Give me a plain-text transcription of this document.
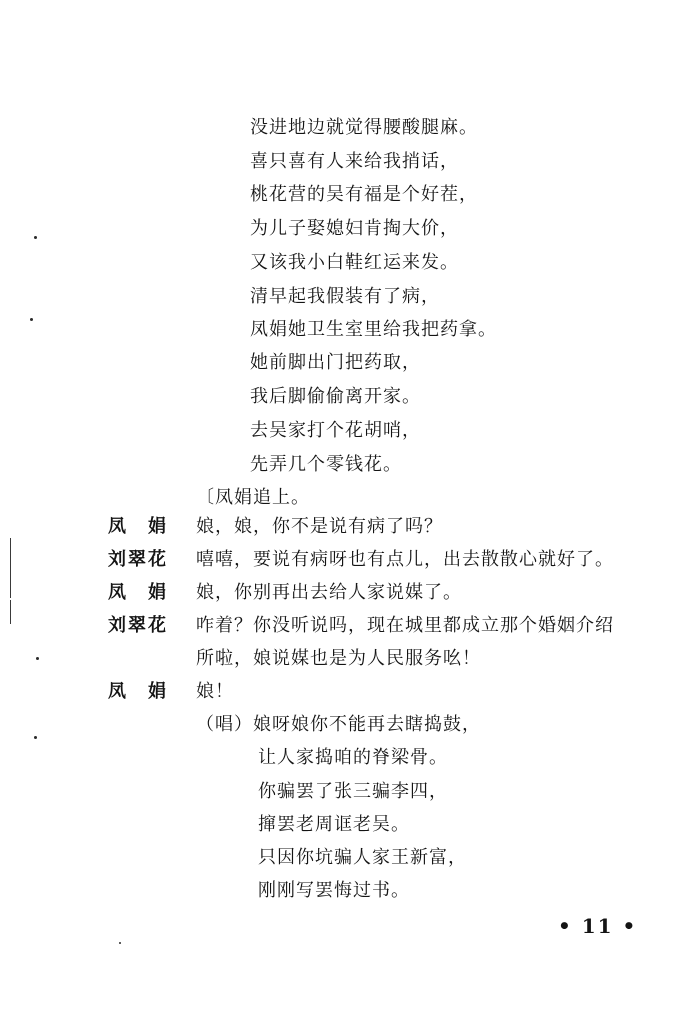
没进地边就觉得腰酸腿麻。
喜只喜有人来给我捎话，
桃花营的吴有福是个好茬，
为儿子娶媳妇肯掏大价，
又该我小白鞋红运来发。
清早起我假装有了病，
凤娟她卫生室里给我把药拿。
她前脚出门把药取，
我后脚偷偷离开家。
去吴家打个花胡哨，
先弄几个零钱花。
〔凤娟追上。
凤　娟 娘，娘，你不是说有病了吗？
刘翠花 嘻嘻，要说有病呀也有点儿，出去散散心就好了。
凤　娟 娘，你别再出去给人家说媒了。
刘翠花 咋着？你没听说吗，现在城里都成立那个婚姻介绍
所啦，娘说媒也是为人民服务吆！
凤　娟 娘！
（唱）娘呀娘你不能再去瞎捣鼓，
让人家捣咱的脊梁骨。
你骗罢了张三骗李四，
撺罢老周诓老吴。
只因你坑骗人家王新富，
刚刚写罢悔过书。
• 11 •
